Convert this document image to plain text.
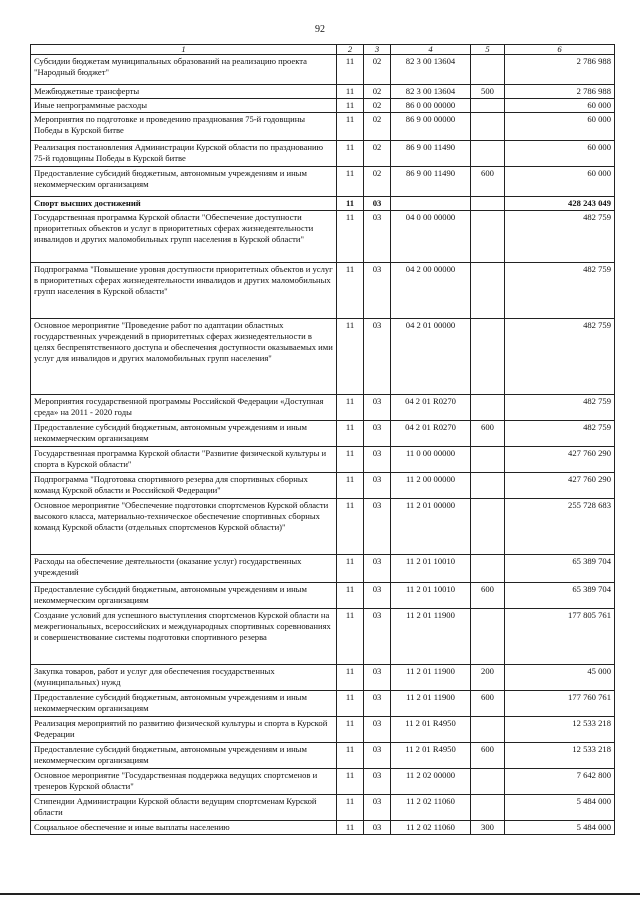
92
1	2	3	4	5	6
Субсидии бюджетам муниципальных образований на реализацию проекта "Народный бюджет"	11	02	82 3 00 13604		2 786 988
Межбюджетные трансферты	11	02	82 3 00 13604	500	2 786 988
Иные непрограммные расходы	11	02	86 0 00 00000		60 000
Мероприятия по подготовке и проведению празднования 75-й годовщины Победы в Курской битве	11	02	86 9 00 00000		60 000
Реализация постановления Администрации Курской области по празднованию 75-й годовщины Победы в Курской битве	11	02	86 9 00 11490		60 000
Предоставление субсидий бюджетным, автономным учреждениям и иным некоммерческим организациям	11	02	86 9 00 11490	600	60 000
Спорт высших достижений	11	03			428 243 049
Государственная программа Курской области "Обеспечение доступности приоритетных объектов и услуг в приоритетных сферах жизнедеятельности инвалидов и других маломобильных групп населения в Курской области"	11	03	04 0 00 00000		482 759
Подпрограмма "Повышение уровня доступности приоритетных объектов и услуг в приоритетных сферах жизнедеятельности инвалидов и других маломобильных групп населения в Курской области"	11	03	04 2 00 00000		482 759
Основное мероприятие "Проведение работ по адаптации областных государственных учреждений в приоритетных сферах жизнедеятельности в целях беспрепятственного доступа и обеспечения доступности оказываемых ими услуг для инвалидов и других маломобильных групп населения"	11	03	04 2 01 00000		482 759
Мероприятия государственной программы Российской Федерации «Доступная среда» на 2011 - 2020 годы	11	03	04 2 01 R0270		482 759
Предоставление субсидий бюджетным, автономным учреждениям и иным некоммерческим организациям	11	03	04 2 01 R0270	600	482 759
Государственная программа Курской области "Развитие физической культуры и спорта в Курской области"	11	03	11 0 00 00000		427 760 290
Подпрограмма "Подготовка спортивного резерва для спортивных сборных команд Курской области и Российской Федерации"	11	03	11 2 00 00000		427 760 290
Основное мероприятие "Обеспечение подготовки спортсменов Курской области высокого класса, материально-техническое обеспечение спортивных сборных команд Курской области (отдельных спортсменов Курской области)"	11	03	11 2 01 00000		255 728 683
Расходы на обеспечение деятельности (оказание услуг) государственных учреждений	11	03	11 2 01 10010		65 389 704
Предоставление субсидий бюджетным, автономным учреждениям и иным некоммерческим организациям	11	03	11 2 01 10010	600	65 389 704
Создание условий для успешного выступления спортсменов Курской области на межрегиональных, всероссийских и международных спортивных соревнованиях и совершенствование системы подготовки спортивного резерва	11	03	11 2 01 11900		177 805 761
Закупка товаров, работ и услуг для обеспечения государственных (муниципальных) нужд	11	03	11 2 01 11900	200	45 000
Предоставление субсидий бюджетным, автономным учреждениям и иным некоммерческим организациям	11	03	11 2 01 11900	600	177 760 761
Реализация мероприятий по развитию физической культуры и спорта в Курской Федерации	11	03	11 2 01 R4950		12 533 218
Предоставление субсидий бюджетным, автономным учреждениям и иным некоммерческим организациям	11	03	11 2 01 R4950	600	12 533 218
Основное мероприятие "Государственная поддержка ведущих спортсменов и тренеров Курской области"	11	03	11 2 02 00000		7 642 800
Стипендии Администрации Курской области ведущим спортсменам Курской области	11	03	11 2 02 11060		5 484 000
Социальное обеспечение и иные выплаты населению	11	03	11 2 02 11060	300	5 484 000
